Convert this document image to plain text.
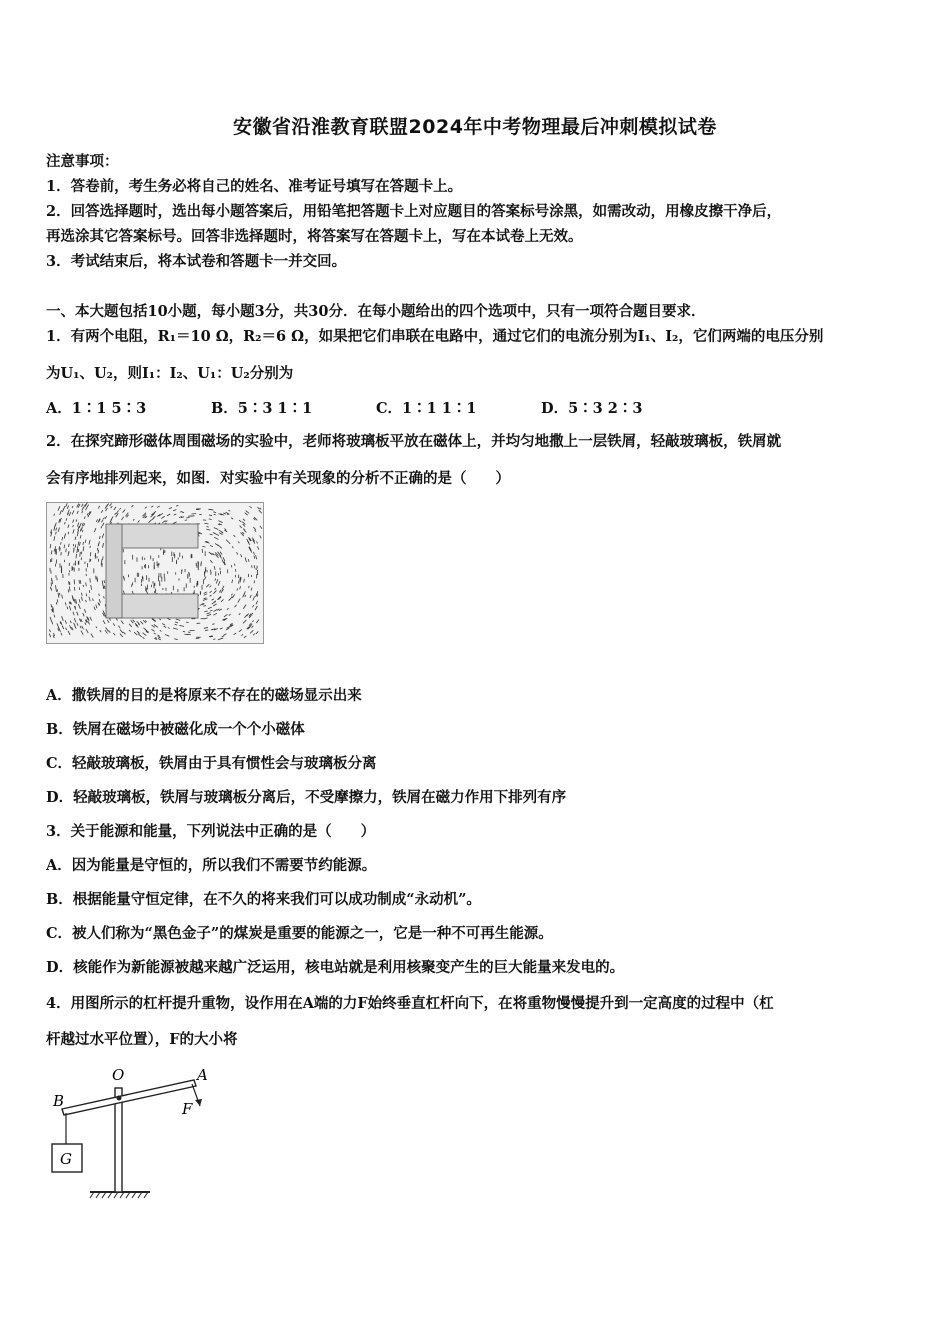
安徽省沿淮教育联盟2024年中考物理最后冲刺模拟试卷
注意事项：
1．答卷前，考生务必将自己的姓名、准考证号填写在答题卡上。
2．回答选择题时，选出每小题答案后，用铅笔把答题卡上对应题目的答案标号涂黑，如需改动，用橡皮擦干净后，
再选涂其它答案标号。回答非选择题时，将答案写在答题卡上，写在本试卷上无效。
3．考试结束后，将本试卷和答题卡一并交回。
一、本大题包括10小题，每小题3分，共30分．在每小题给出的四个选项中，只有一项符合题目要求．
1．有两个电阻，R₁＝10 Ω，R₂＝6 Ω，如果把它们串联在电路中，通过它们的电流分别为I₁、I₂，它们两端的电压分别
为U₁、U₂，则I₁：I₂、U₁：U₂分别为
A．1∶1 5∶3	B．5∶3 1∶1	C．1∶1 1∶1	D．5∶3 2∶3
2．在探究蹄形磁体周围磁场的实验中，老师将玻璃板平放在磁体上，并均匀地撒上一层铁屑，轻敲玻璃板，铁屑就
会有序地排列起来，如图．对实验中有关现象的分析不正确的是（　　）
A．撒铁屑的目的是将原来不存在的磁场显示出来
B．铁屑在磁场中被磁化成一个个小磁体
C．轻敲玻璃板，铁屑由于具有惯性会与玻璃板分离
D．轻敲玻璃板，铁屑与玻璃板分离后，不受摩擦力，铁屑在磁力作用下排列有序
3．关于能源和能量，下列说法中正确的是（　　）
A．因为能量是守恒的，所以我们不需要节约能源。
B．根据能量守恒定律，在不久的将来我们可以成功制成“永动机”。
C．被人们称为“黑色金子”的煤炭是重要的能源之一，它是一种不可再生能源。
D．核能作为新能源被越来越广泛运用，核电站就是利用核聚变产生的巨大能量来发电的。
4．用图所示的杠杆提升重物，设作用在A端的力F始终垂直杠杆向下，在将重物慢慢提升到一定高度的过程中（杠
杆越过水平位置），F的大小将
O	A
B	F
G
